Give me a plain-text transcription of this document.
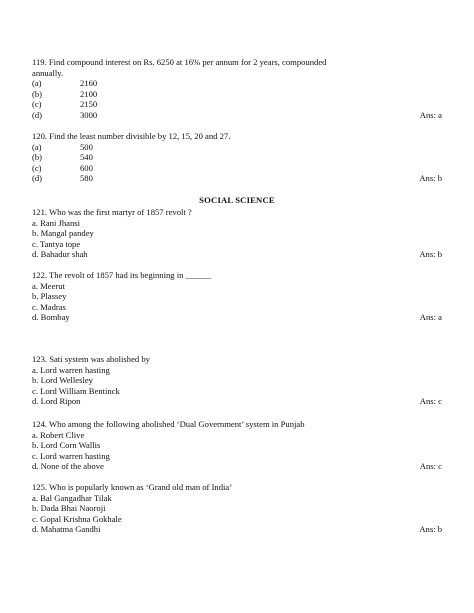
119. Find compound interest on Rs. 6250 at 16% per annum for 2 years, compounded annually.
(a)	2160
(b)	2100
(c)	2150
(d)	3000	Ans: a
120. Find the least number divisible by 12, 15, 20 and 27.
(a)	500
(b)	540
(c)	600
(d)	580	Ans: b
SOCIAL SCIENCE
121. Who was the first martyr of 1857 revolt ?
a. Rani Jhansi
b. Mangal pandey
c. Tantya tope
d. Bahadur shah	Ans: b
122. The revolt of 1857 had its beginning in ______
a. Meerut
b. Plassey
c. Madras
d. Bombay	Ans: a
123. Sati system was abolished by
a. Lord warren hasting
b. Lord Wellesley
c. Lord William Bentinck
d. Lord Ripon	Ans: c
124. Who among the following abolished ‘Dual Government’ system in Punjab
a. Robert Clive
b. Lord Corn Wallis
c. Lord warren hasting
d. None of the above	Ans: c
125. Who is popularly known as ‘Grand old man of India’
a. Bal Gangadhar Tilak
b. Dada Bhai Naoroji
c. Gopal Krishna Gokhale
d. Mahatma Gandhi	Ans: b
